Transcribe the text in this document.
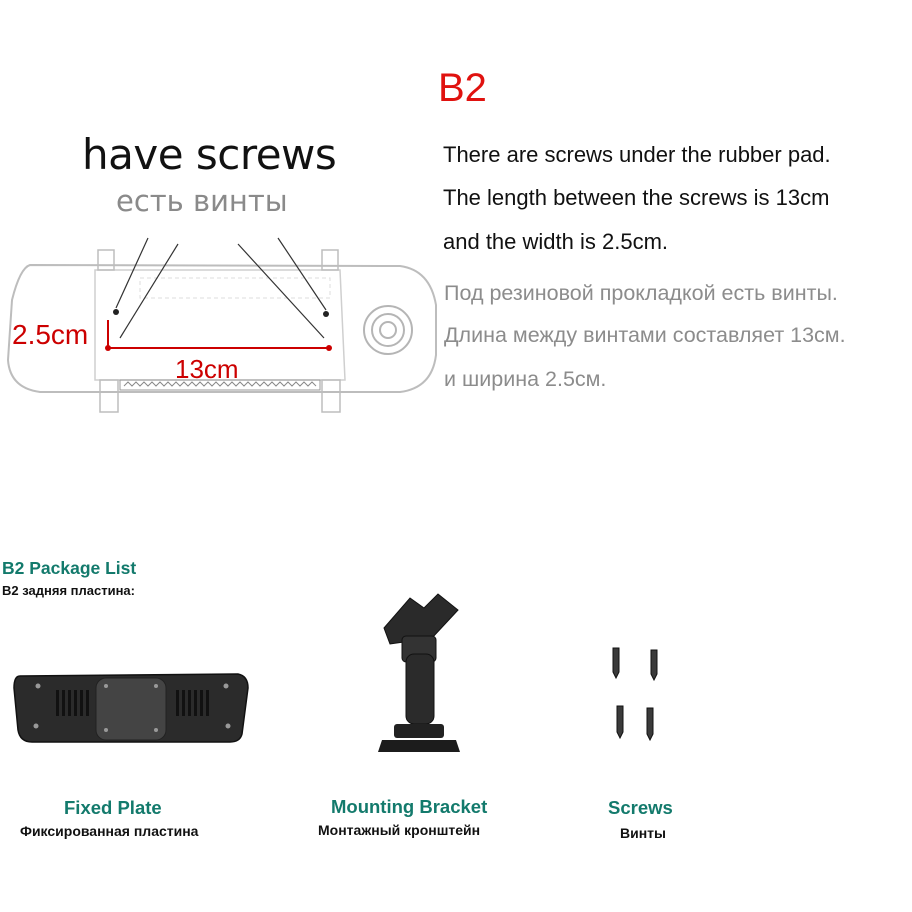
B2
have screws
есть винты
There are screws under the rubber pad.
The length between the screws is 13cm
and the width is 2.5cm.
Под резиновой прокладкой есть винты.
Длина между винтами составляет 13см.
и ширина 2.5см.
2.5cm
13cm
B2 Package List
B2 задняя пластина:
Fixed Plate
Фиксированная пластина
Mounting Bracket
Монтажный кронштейн
Screws
Винты
